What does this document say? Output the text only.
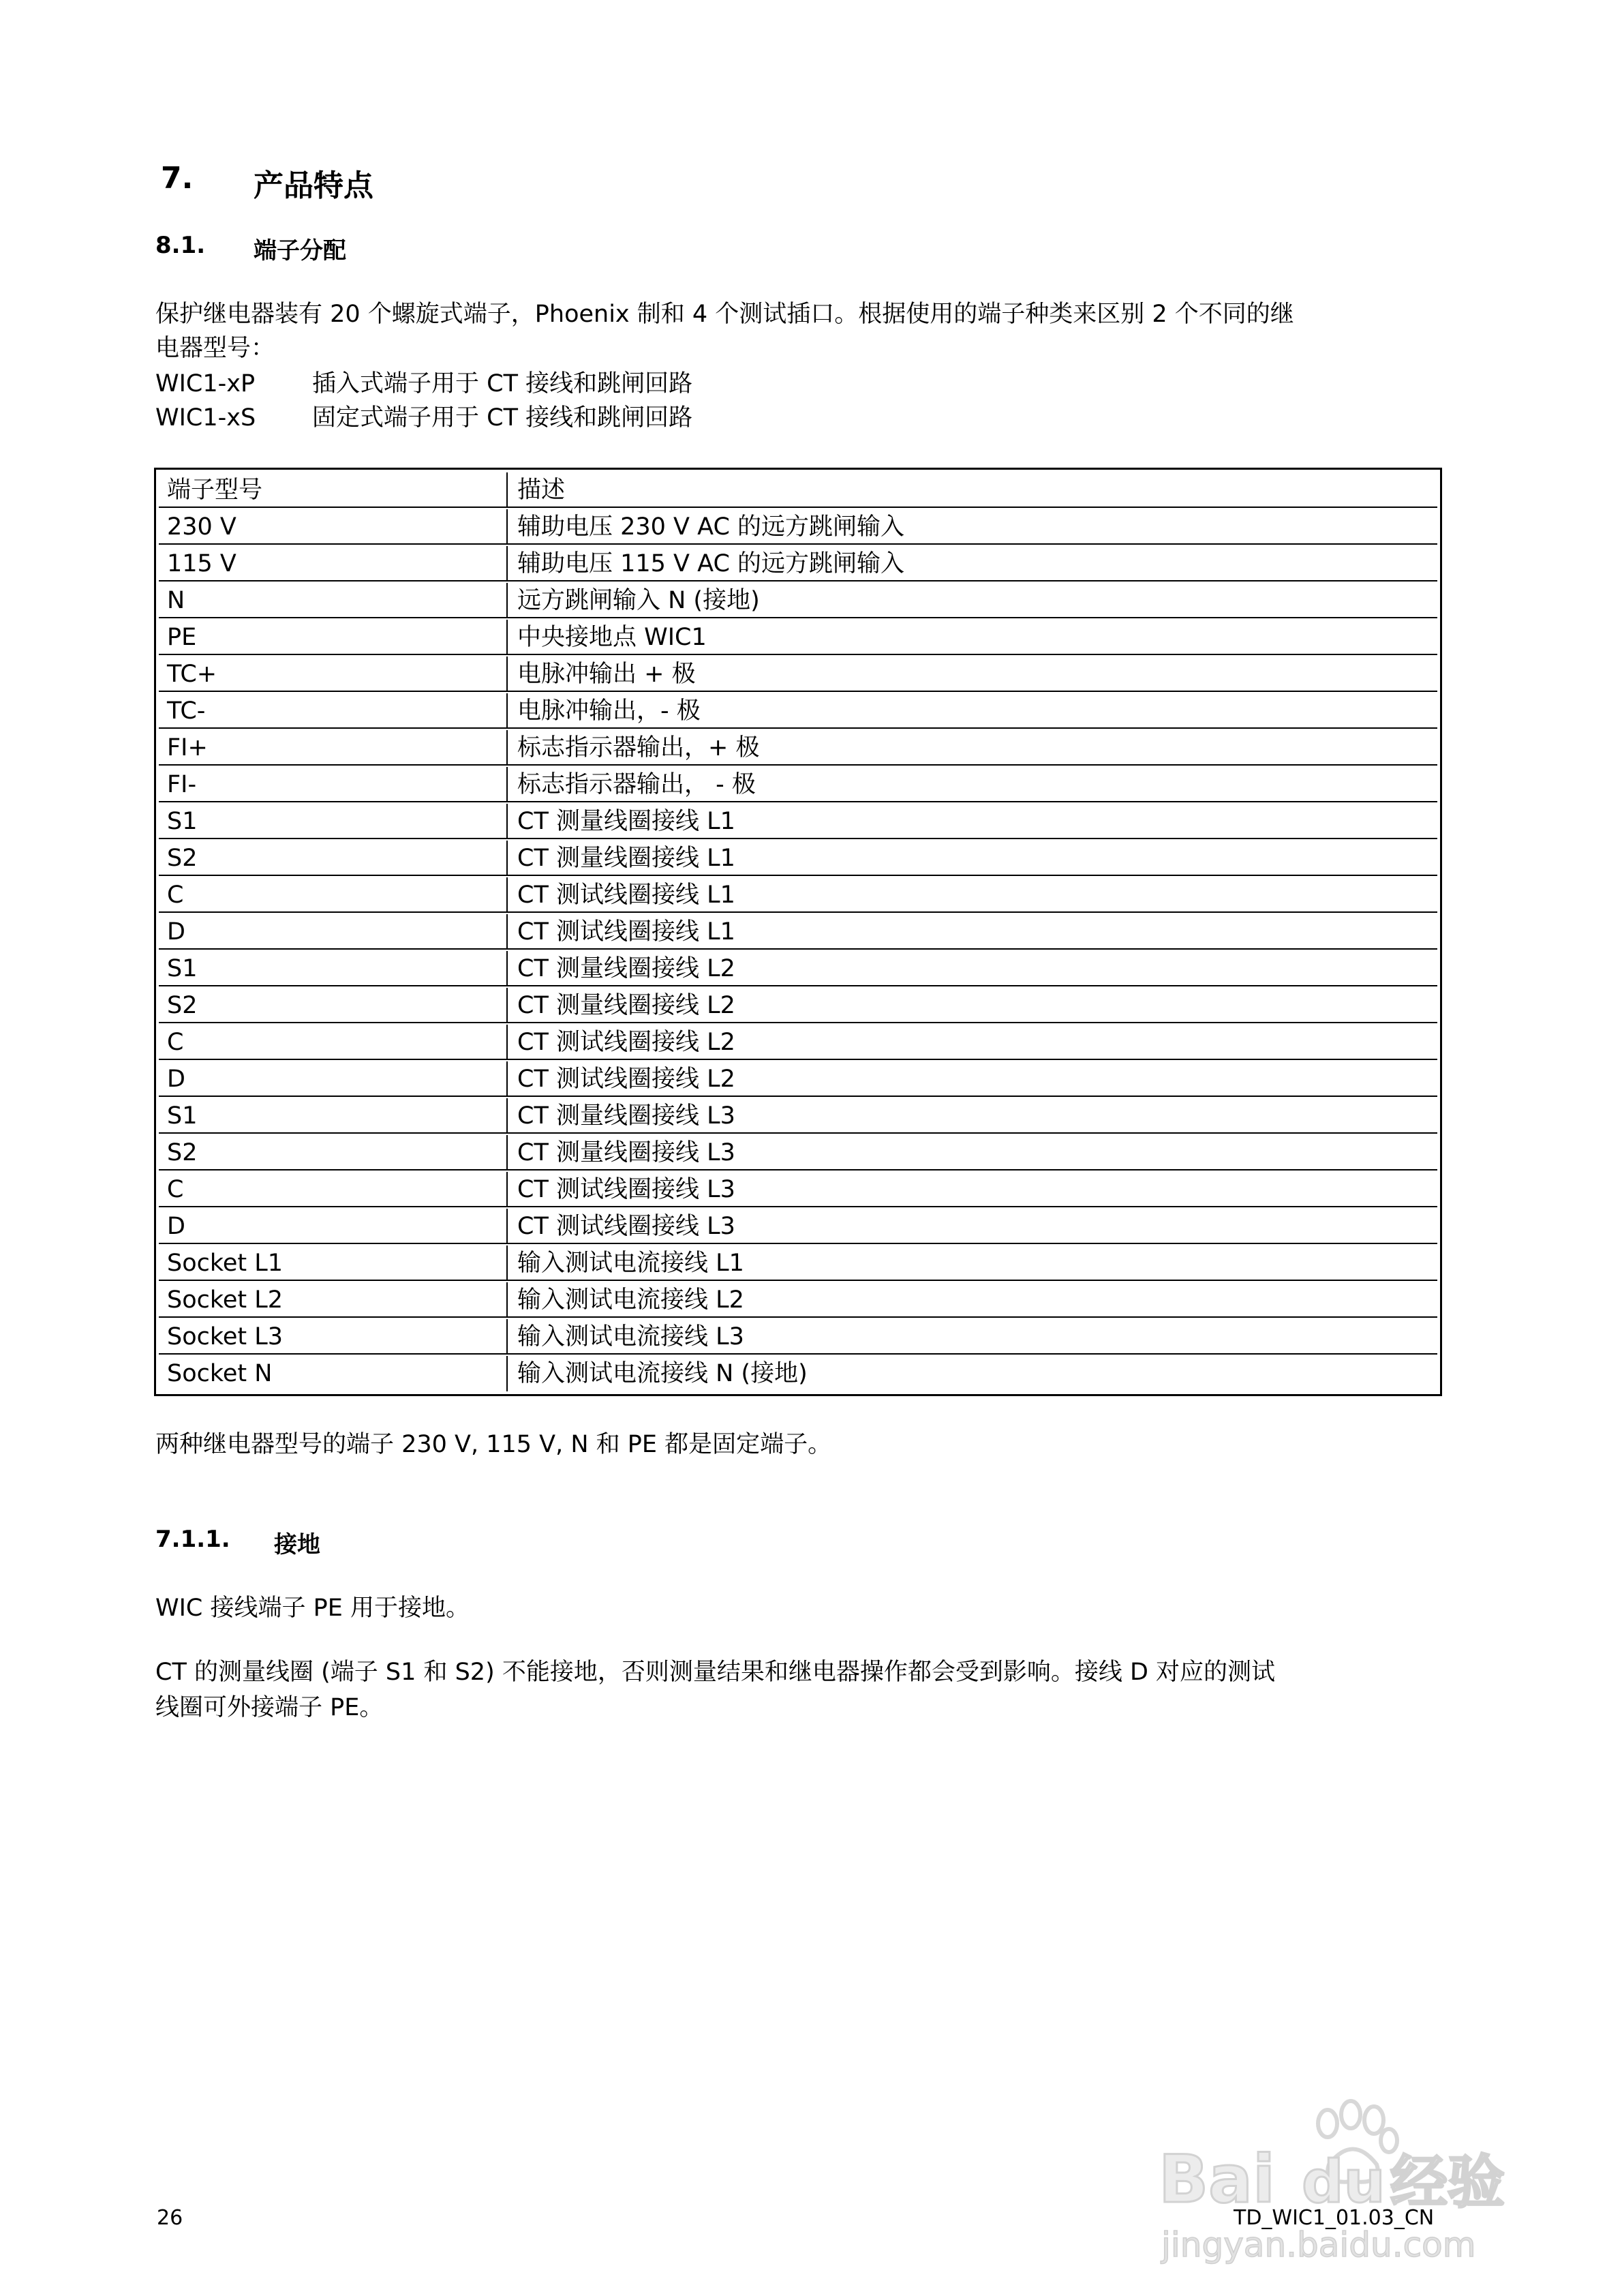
7. 产品特点
8.1. 端子分配
保护继电器装有 20 个螺旋式端子，Phoenix 制和 4 个测试插口。根据使用的端子种类来区别 2 个不同的继
电器型号：
WIC1-xP 插入式端子用于 CT 接线和跳闸回路
WIC1-xS 固定式端子用于 CT 接线和跳闸回路
端子型号	描述
230 V	辅助电压 230 V AC 的远方跳闸输入
115 V	辅助电压 115 V AC 的远方跳闸输入
N	远方跳闸输入 N (接地)
PE	中央接地点 WIC1
TC+	电脉冲输出 + 极
TC-	电脉冲输出，- 极
FI+	标志指示器输出，+ 极
FI-	标志指示器输出， - 极
S1	CT 测量线圈接线 L1
S2	CT 测量线圈接线 L1
C	CT 测试线圈接线 L1
D	CT 测试线圈接线 L1
S1	CT 测量线圈接线 L2
S2	CT 测量线圈接线 L2
C	CT 测试线圈接线 L2
D	CT 测试线圈接线 L2
S1	CT 测量线圈接线 L3
S2	CT 测量线圈接线 L3
C	CT 测试线圈接线 L3
D	CT 测试线圈接线 L3
Socket L1	输入测试电流接线 L1
Socket L2	输入测试电流接线 L2
Socket L3	输入测试电流接线 L3
Socket N	输入测试电流接线 N (接地)
两种继电器型号的端子 230 V, 115 V, N 和 PE 都是固定端子。
7.1.1. 接地
WIC 接线端子 PE 用于接地。
CT 的测量线圈 (端子 S1 和 S2) 不能接地，否则测量结果和继电器操作都会受到影响。接线 D 对应的测试
线圈可外接端子 PE。
26	TD_WIC1_01.03_CN
Bai du 经验
jingyan.baidu.com
